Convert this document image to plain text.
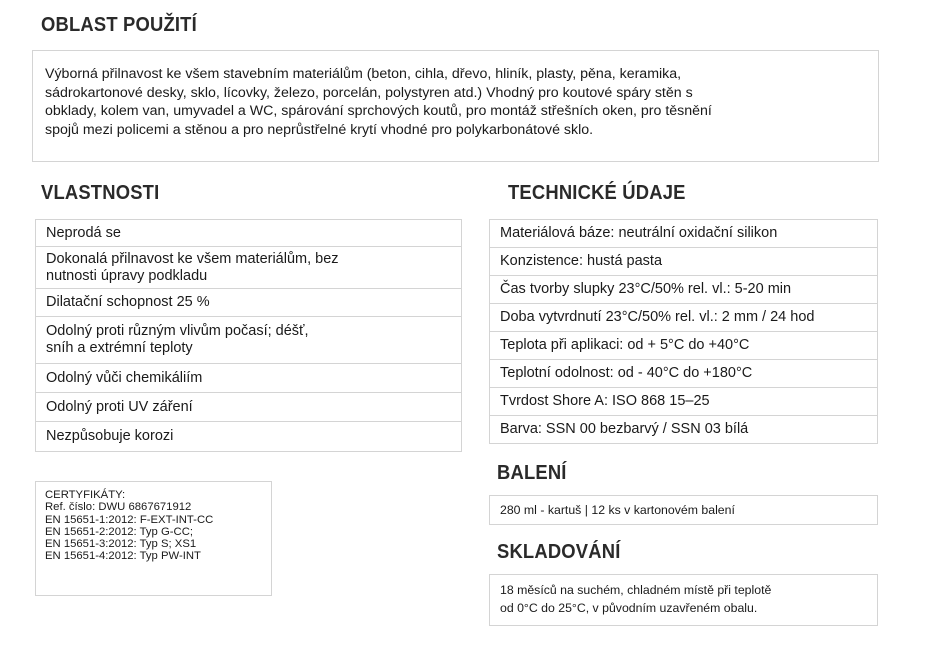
OBLAST POUŽITÍ
Výborná přilnavost ke všem stavebním materiálům (beton, cihla, dřevo, hliník, plasty, pěna, keramika,
sádrokartonové desky, sklo, lícovky, železo, porcelán, polystyren atd.) Vhodný pro koutové spáry stěn s
obklady, kolem van, umyvadel a WC, spárování sprchových koutů, pro montáž střešních oken, pro těsnění
spojů mezi policemi a stěnou a pro neprůstřelné krytí vhodné pro polykarbonátové sklo.
VLASTNOSTI
Neprodá se

Dokonalá přilnavost ke všem materiálům, bez
nutnosti úpravy podkladu

Dilatační schopnost 25 %

Odolný proti různým vlivům počasí; déšť,
sníh a extrémní teploty

Odolný vůči chemikáliím

Odolný proti UV záření

Nezpůsobuje korozi
CERTYFIKÁTY:
Ref. číslo: DWU 6867671912
EN 15651-1:2012: F-EXT-INT-CC
EN 15651-2:2012: Typ G-CC;
EN 15651-3:2012: Typ S; XS1
EN 15651-4:2012: Typ PW-INT
TECHNICKÉ ÚDAJE
Materiálová báze: neutrální oxidační silikon

Konzistence: hustá pasta

Čas tvorby slupky 23°C/50% rel. vl.: 5-20 min

Doba vytvrdnutí 23°C/50% rel. vl.: 2 mm / 24 hod

Teplota při aplikaci: od + 5°C do +40°C

Teplotní odolnost: od - 40°C do +180°C

Tvrdost Shore A: ISO 868 15–25

Barva: SSN 00 bezbarvý / SSN 03 bílá
BALENÍ
280 ml - kartuš | 12 ks v kartonovém balení
SKLADOVÁNÍ
18 měsíců na suchém, chladném místě při teplotě
od 0°C do 25°C, v původním uzavřeném obalu.
